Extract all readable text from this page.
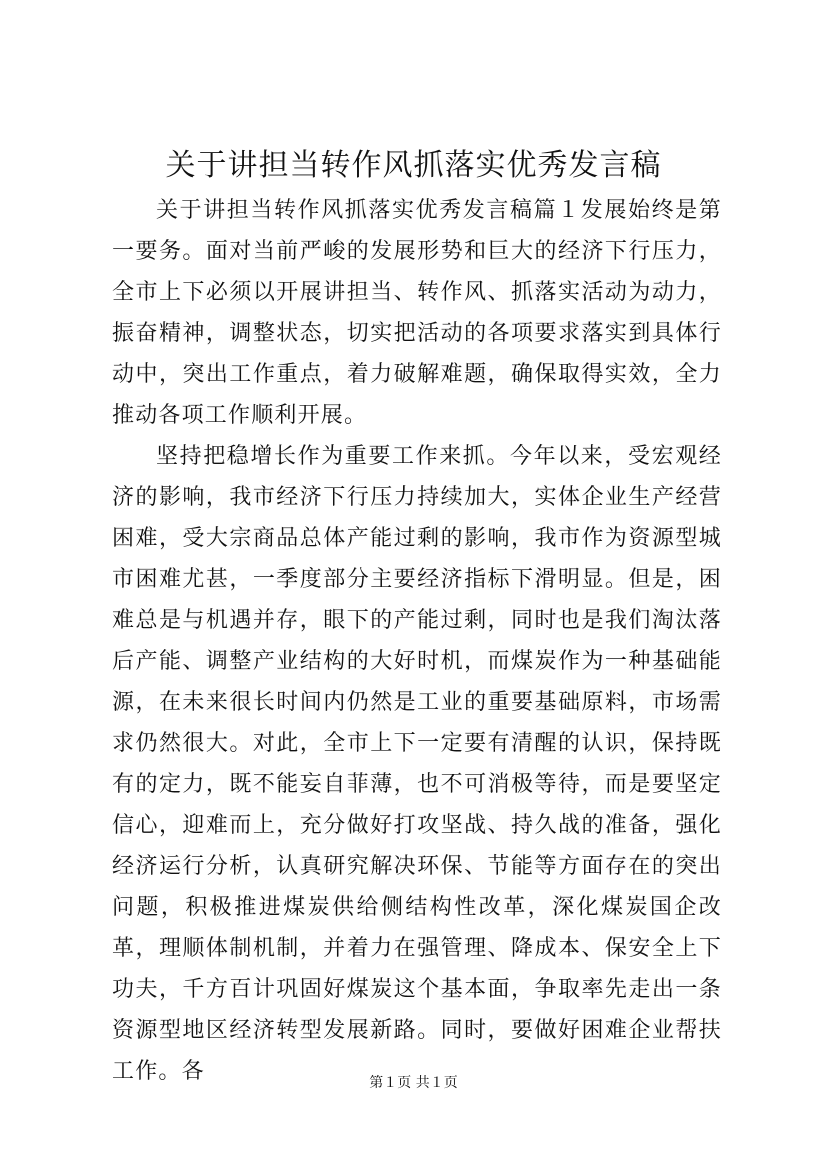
关于讲担当转作风抓落实优秀发言稿

关于讲担当转作风抓落实优秀发言稿篇１发展始终是第一要务。面对当前严峻的发展形势和巨大的经济下行压力，全市上下必须以开展讲担当、转作风、抓落实活动为动力，振奋精神，调整状态，切实把活动的各项要求落实到具体行动中，突出工作重点，着力破解难题，确保取得实效，全力推动各项工作顺利开展。

坚持把稳增长作为重要工作来抓。今年以来，受宏观经济的影响，我市经济下行压力持续加大，实体企业生产经营困难，受大宗商品总体产能过剩的影响，我市作为资源型城市困难尤甚，一季度部分主要经济指标下滑明显。但是，困难总是与机遇并存，眼下的产能过剩，同时也是我们淘汰落后产能、调整产业结构的大好时机，而煤炭作为一种基础能源，在未来很长时间内仍然是工业的重要基础原料，市场需求仍然很大。对此，全市上下一定要有清醒的认识，保持既有的定力，既不能妄自菲薄，也不可消极等待，而是要坚定信心，迎难而上，充分做好打攻坚战、持久战的准备，强化经济运行分析，认真研究解决环保、节能等方面存在的突出问题，积极推进煤炭供给侧结构性改革，深化煤炭国企改革，理顺体制机制，并着力在强管理、降成本、保安全上下功夫，千方百计巩固好煤炭这个基本面，争取率先走出一条资源型地区经济转型发展新路。同时，要做好困难企业帮扶工作。各	第１页 共１页
